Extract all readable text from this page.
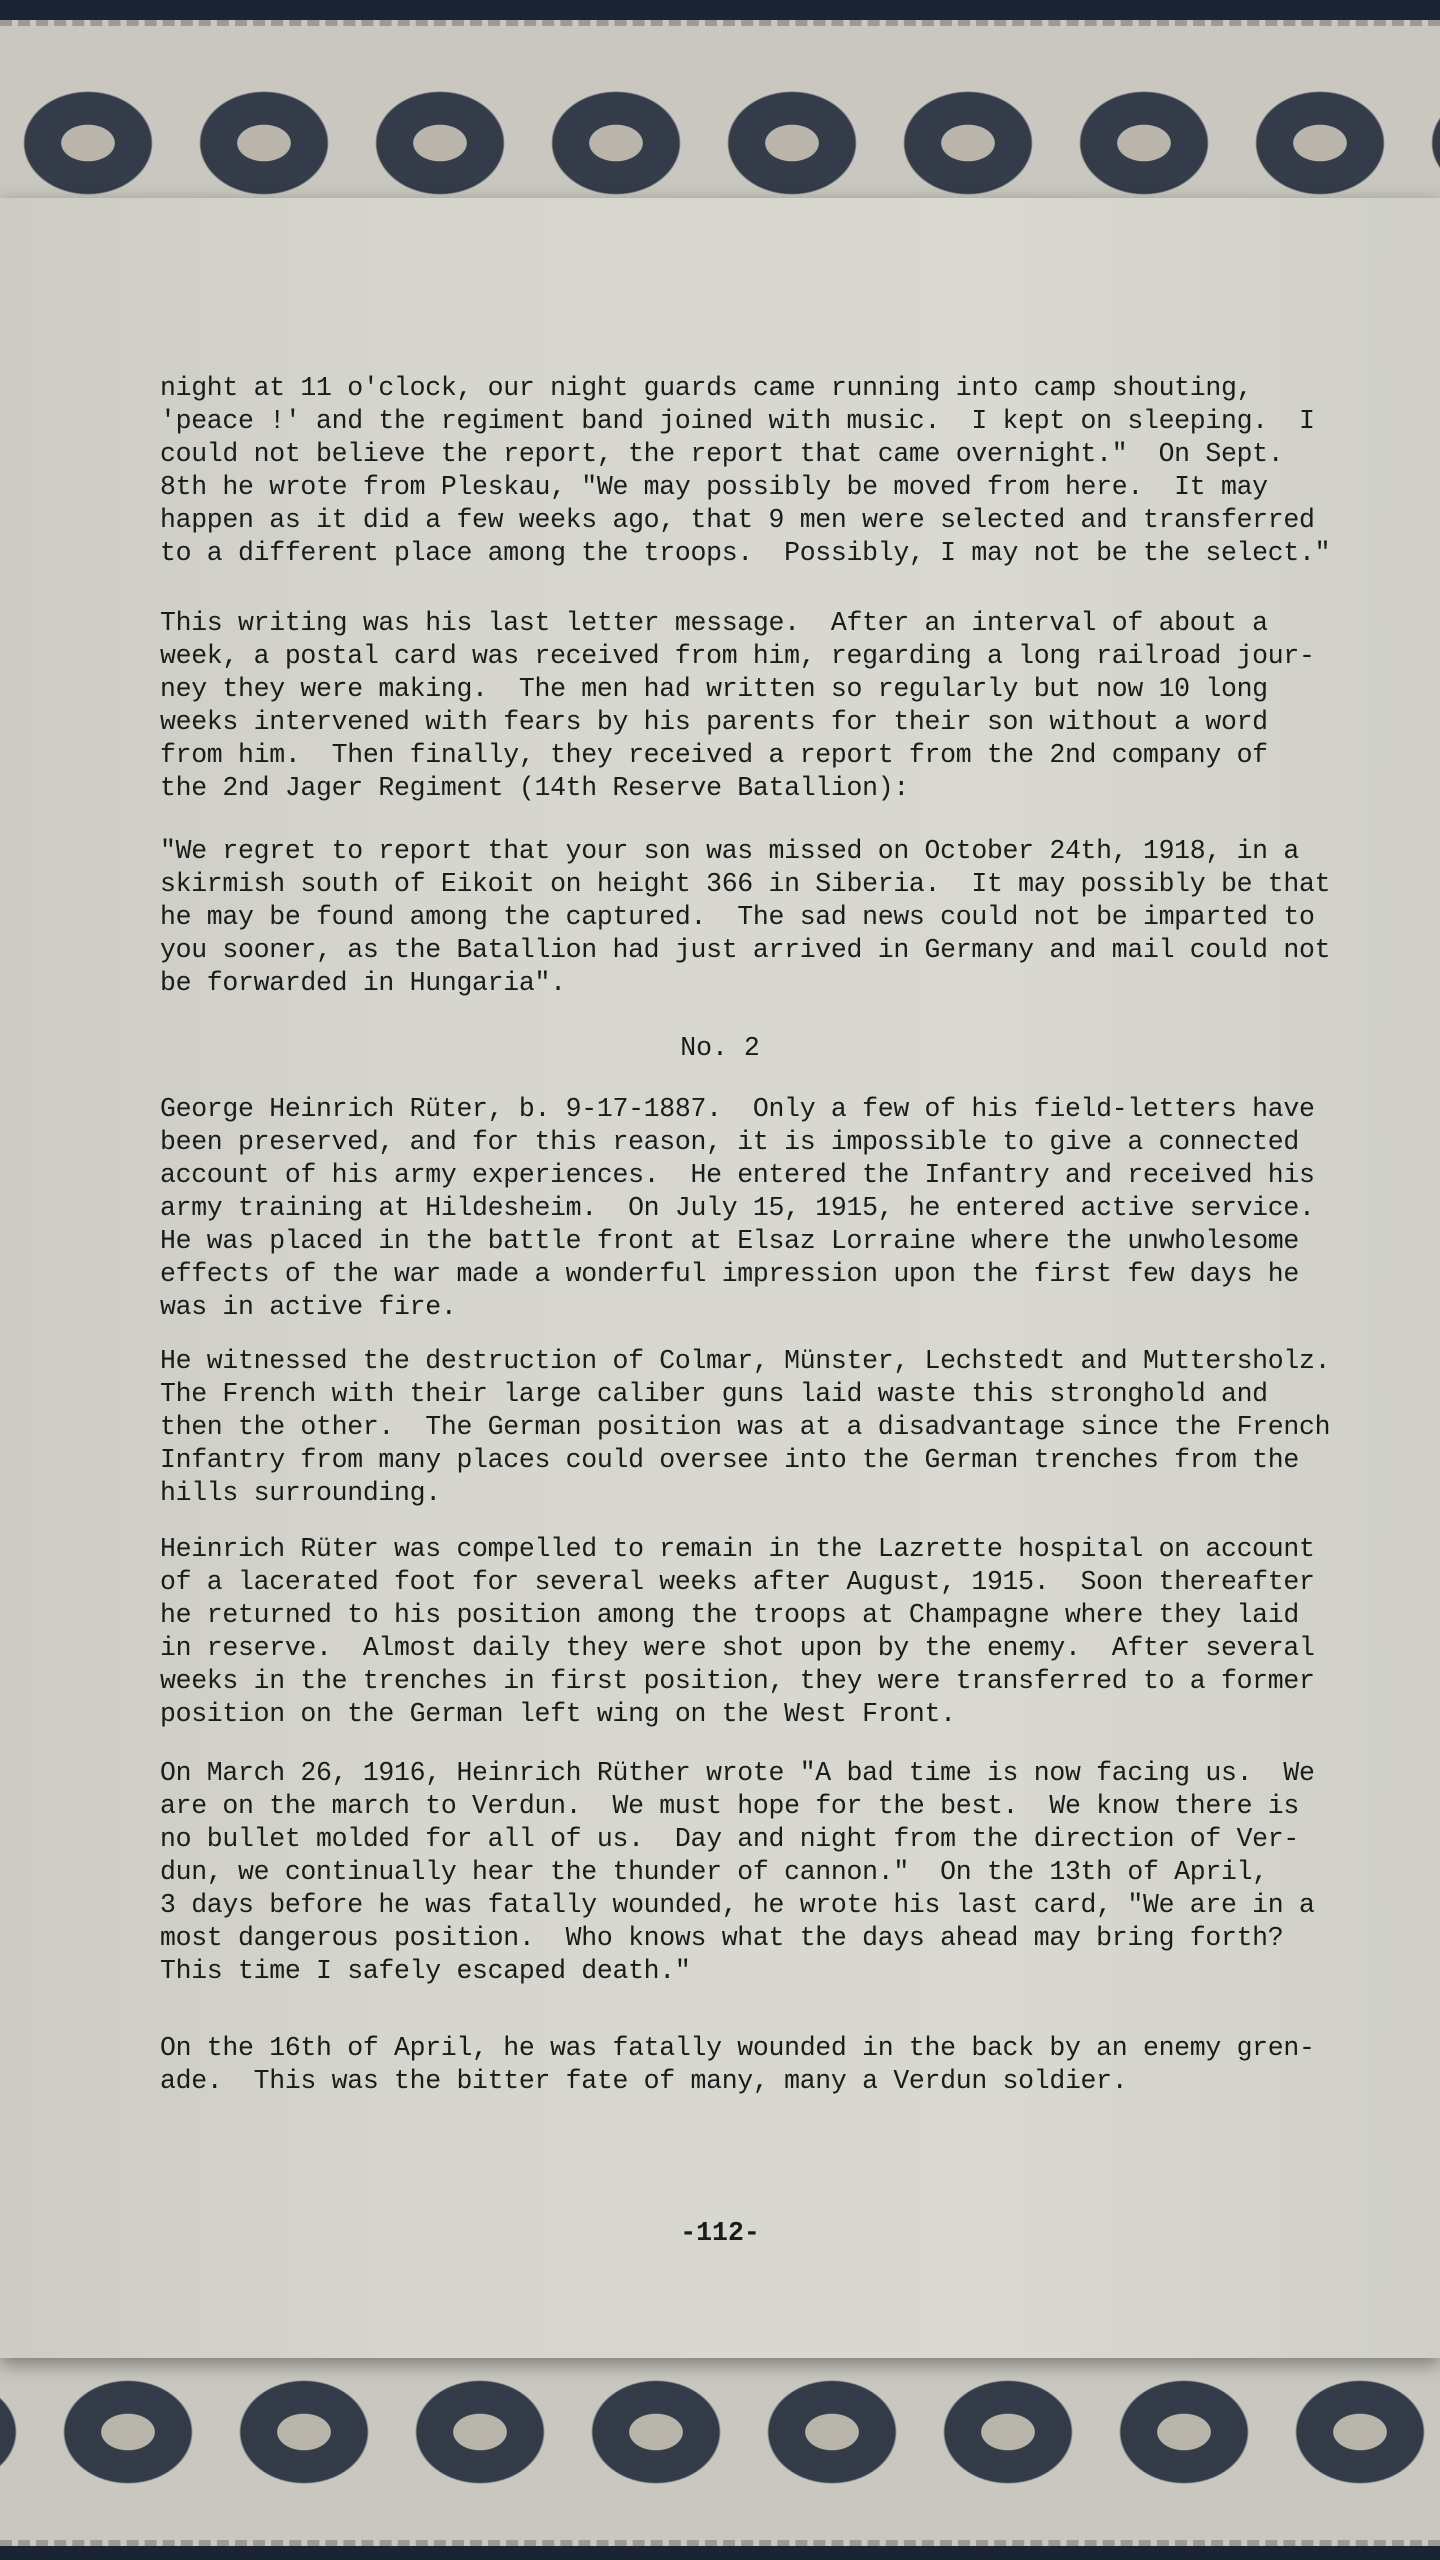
night at 11 o'clock, our night guards came running into camp shouting,
'peace !' and the regiment band joined with music.  I kept on sleeping.  I
could not believe the report, the report that came overnight."  On Sept.
8th he wrote from Pleskau, "We may possibly be moved from here.  It may
happen as it did a few weeks ago, that 9 men were selected and transferred
to a different place among the troops.  Possibly, I may not be the select."
This writing was his last letter message.  After an interval of about a
week, a postal card was received from him, regarding a long railroad jour-
ney they were making.  The men had written so regularly but now 10 long
weeks intervened with fears by his parents for their son without a word
from him.  Then finally, they received a report from the 2nd company of
the 2nd Jager Regiment (14th Reserve Batallion):
"We regret to report that your son was missed on October 24th, 1918, in a
skirmish south of Eikoit on height 366 in Siberia.  It may possibly be that
he may be found among the captured.  The sad news could not be imparted to
you sooner, as the Batallion had just arrived in Germany and mail could not
be forwarded in Hungaria".
No. 2
George Heinrich Rüter, b. 9-17-1887.  Only a few of his field-letters have
been preserved, and for this reason, it is impossible to give a connected
account of his army experiences.  He entered the Infantry and received his
army training at Hildesheim.  On July 15, 1915, he entered active service.
He was placed in the battle front at Elsaz Lorraine where the unwholesome
effects of the war made a wonderful impression upon the first few days he
was in active fire.
He witnessed the destruction of Colmar, Münster, Lechstedt and Muttersholz.
The French with their large caliber guns laid waste this stronghold and
then the other.  The German position was at a disadvantage since the French
Infantry from many places could oversee into the German trenches from the
hills surrounding.
Heinrich Rüter was compelled to remain in the Lazrette hospital on account
of a lacerated foot for several weeks after August, 1915.  Soon thereafter
he returned to his position among the troops at Champagne where they laid
in reserve.  Almost daily they were shot upon by the enemy.  After several
weeks in the trenches in first position, they were transferred to a former
position on the German left wing on the West Front.
On March 26, 1916, Heinrich Rüther wrote "A bad time is now facing us.  We
are on the march to Verdun.  We must hope for the best.  We know there is
no bullet molded for all of us.  Day and night from the direction of Ver-
dun, we continually hear the thunder of cannon."  On the 13th of April,
3 days before he was fatally wounded, he wrote his last card, "We are in a
most dangerous position.  Who knows what the days ahead may bring forth?
This time I safely escaped death."
On the 16th of April, he was fatally wounded in the back by an enemy gren-
ade.  This was the bitter fate of many, many a Verdun soldier.
-112-
